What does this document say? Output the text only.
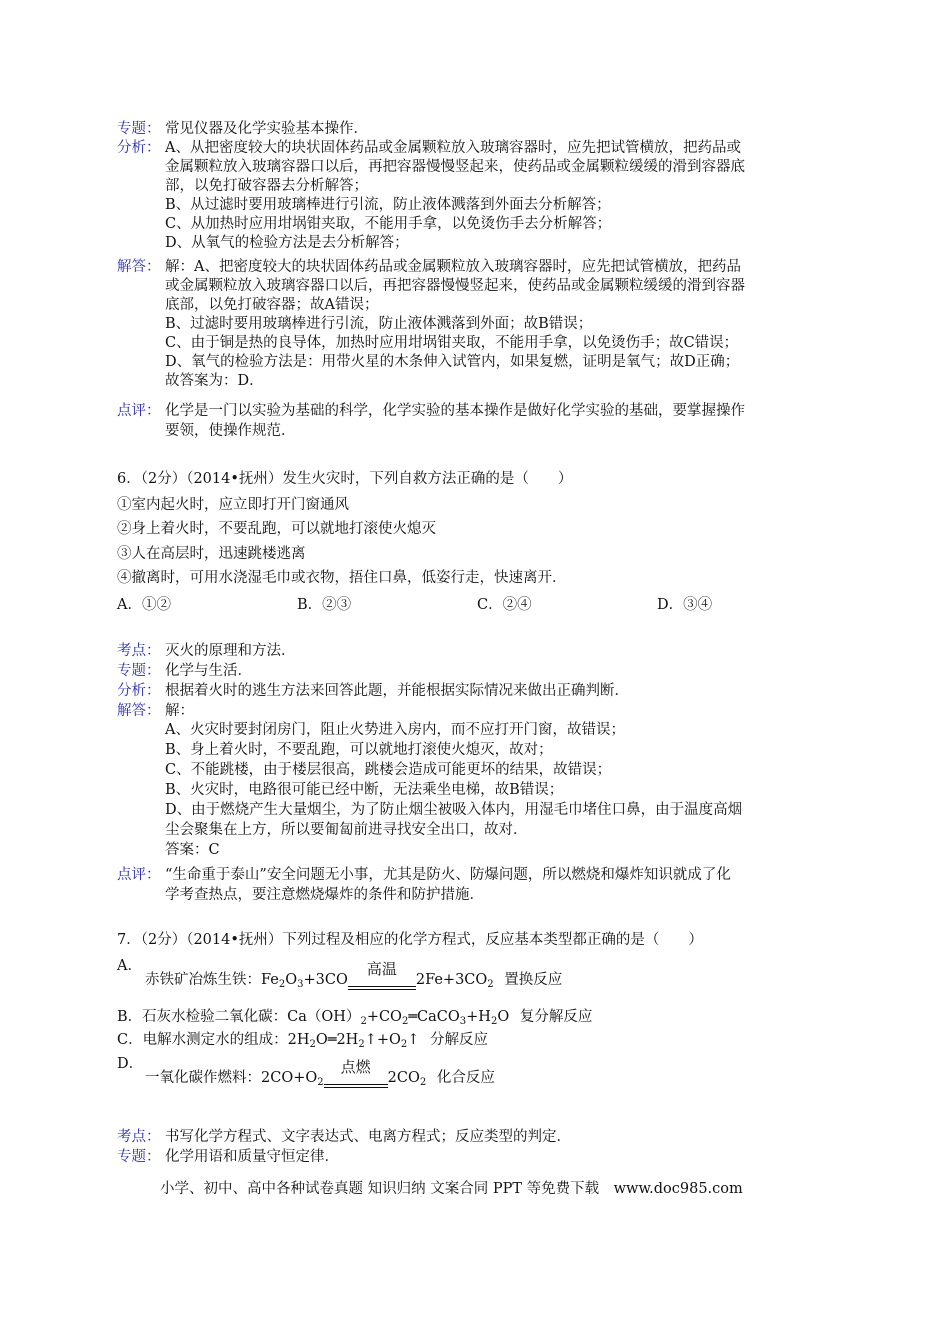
专题： 常见仪器及化学实验基本操作．
分析： A、从把密度较大的块状固体药品或金属颗粒放入玻璃容器时，应先把试管横放，把药品或
金属颗粒放入玻璃容器口以后，再把容器慢慢竖起来，使药品或金属颗粒缓缓的滑到容器底
部，以免打破容器去分析解答；
B、从过滤时要用玻璃棒进行引流，防止液体溅落到外面去分析解答；
C、从加热时应用坩埚钳夹取，不能用手拿，以免烫伤手去分析解答；
D、从氧气的检验方法是去分析解答；
解答： 解：A、把密度较大的块状固体药品或金属颗粒放入玻璃容器时，应先把试管横放，把药品
或金属颗粒放入玻璃容器口以后，再把容器慢慢竖起来，使药品或金属颗粒缓缓的滑到容器
底部，以免打破容器；故A错误；
B、过滤时要用玻璃棒进行引流，防止液体溅落到外面；故B错误；
C、由于铜是热的良导体，加热时应用坩埚钳夹取，不能用手拿，以免烫伤手；故C错误；
D、氧气的检验方法是：用带火星的木条伸入试管内，如果复燃，证明是氧气；故D正确；
故答案为：D．
点评： 化学是一门以实验为基础的科学，化学实验的基本操作是做好化学实验的基础，要掌握操作
要领，使操作规范．
6．（2分）（2014•抚州）发生火灾时，下列自救方法正确的是（　　）
①室内起火时，应立即打开门窗通风
②身上着火时，不要乱跑，可以就地打滚使火熄灭
③人在高层时，迅速跳楼逃离
④撤离时，可用水浇湿毛巾或衣物，捂住口鼻，低姿行走，快速离开．
A．①②	B．②③	C．②④	D．③④
考点： 灭火的原理和方法．
专题： 化学与生活．
分析： 根据着火时的逃生方法来回答此题，并能根据实际情况来做出正确判断．
解答： 解：
A、火灾时要封闭房门，阻止火势进入房内，而不应打开门窗，故错误；
B、身上着火时，不要乱跑，可以就地打滚使火熄灭，故对；
C、不能跳楼，由于楼层很高，跳楼会造成可能更坏的结果，故错误；
B、火灾时，电路很可能已经中断，无法乘坐电梯，故B错误；
D、由于燃烧产生大量烟尘，为了防止烟尘被吸入体内，用湿毛巾堵住口鼻，由于温度高烟
尘会聚集在上方，所以要匍匐前进寻找安全出口，故对．
答案：C
点评： “生命重于泰山”安全问题无小事，尤其是防火、防爆问题，所以燃烧和爆炸知识就成了化
学考查热点，要注意燃烧爆炸的条件和防护措施．
7．（2分）（2014•抚州）下列过程及相应的化学方程式，反应基本类型都正确的是（　　）
A．
赤铁矿冶炼生铁：$Fe_2O_3+3CO$
高温
$2Fe+3CO_2$ 置换反应
B．石灰水检验二氧化碳：$Ca(OH)_2+CO_2═CaCO_3+H_2O$ 复分解反应
C．电解水测定水的组成：$2H_2O═2H_2↑+O_2↑$ 分解反应
D．
一氧化碳作燃料：$2CO+O_2$
点燃
$2CO_2$ 化合反应
考点： 书写化学方程式、文字表达式、电离方程式；反应类型的判定．
专题： 化学用语和质量守恒定律．
小学、初中、高中各种试卷真题 知识归纳 文案合同 PPT 等免费下载　www.doc985.com
